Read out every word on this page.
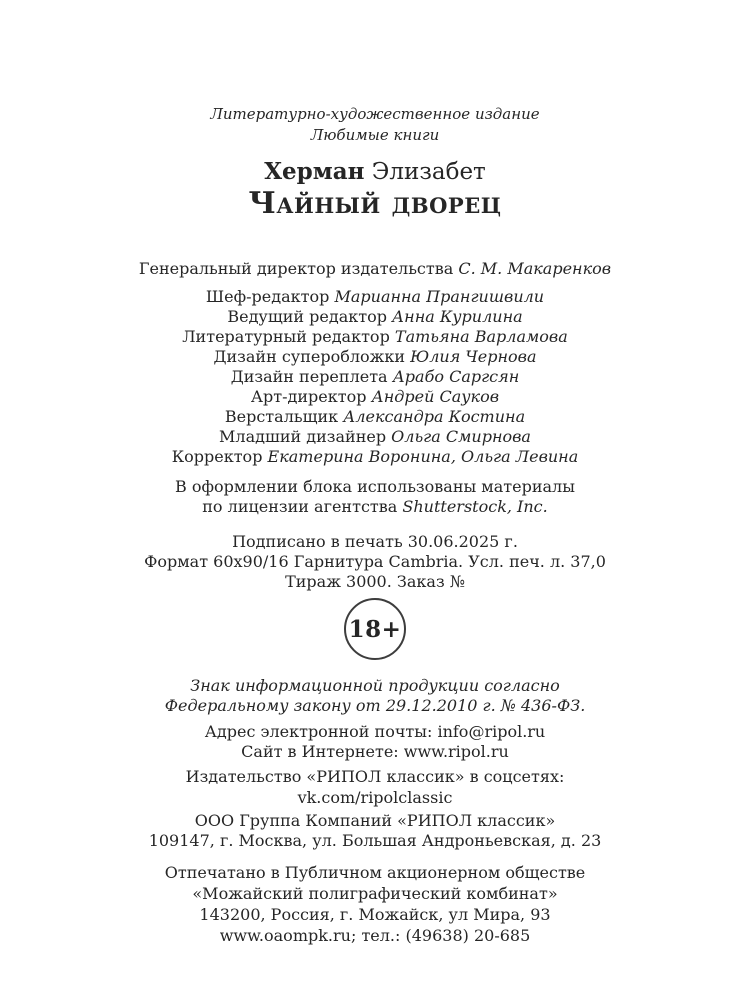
Литературно-художественное издание
Любимые книги
Херман Элизабет
Чайный дворец
Генеральный директор издательства С. М. Макаренков
Шеф-редактор Марианна Прангишвили
Ведущий редактор Анна Курилина
Литературный редактор Татьяна Варламова
Дизайн суперобложки Юлия Чернова
Дизайн переплета Арабо Саргсян
Арт-директор Андрей Сауков
Верстальщик Александра Костина
Младший дизайнер Ольга Смирнова
Корректор Екатерина Воронина, Ольга Левина
В оформлении блока использованы материалы
по лицензии агентства Shutterstock, Inc.
Подписано в печать 30.06.2025 г.
Формат 60х90/16 Гарнитура Cambria. Усл. печ. л. 37,0
Тираж 3000. Заказ №
18+
Знак информационной продукции согласно
Федеральному закону от 29.12.2010 г. № 436-ФЗ.
Адрес электронной почты: info@ripol.ru
Сайт в Интернете: www.ripol.ru
Издательство «РИПОЛ классик» в соцсетях:
vk.com/ripolclassic
ООО Группа Компаний «РИПОЛ классик»
109147, г. Москва, ул. Большая Андроньевская, д. 23
Отпечатано в Публичном акционерном обществе
«Можайский полиграфический комбинат»
143200, Россия, г. Можайск, ул Мира, 93
www.oaompk.ru; тел.: (49638) 20-685
